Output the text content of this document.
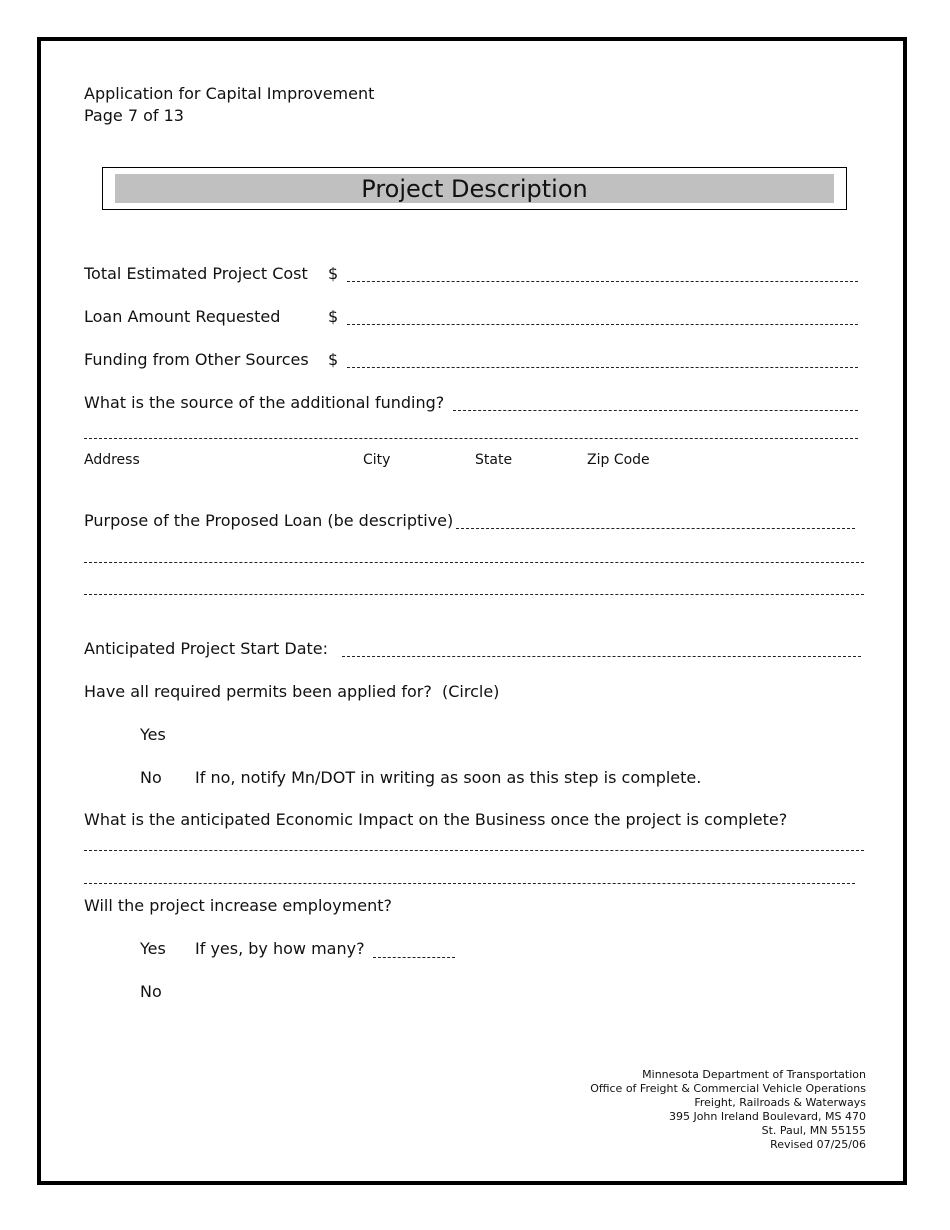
Application for Capital Improvement
Page 7 of 13
Project Description
Total Estimated Project Cost $
Loan Amount Requested	$
Funding from Other Sources $
What is the source of the additional funding?
Address	City	State	Zip Code
Purpose of the Proposed Loan (be descriptive)
Anticipated Project Start Date:
Have all required permits been applied for?  (Circle)
Yes
No If no, notify Mn/DOT in writing as soon as this step is complete.
What is the anticipated Economic Impact on the Business once the project is complete?
Will the project increase employment?
Yes If yes, by how many?
No
Minnesota Department of Transportation
Office of Freight & Commercial Vehicle Operations
Freight, Railroads & Waterways
395 John Ireland Boulevard, MS 470
St. Paul, MN 55155
Revised 07/25/06
